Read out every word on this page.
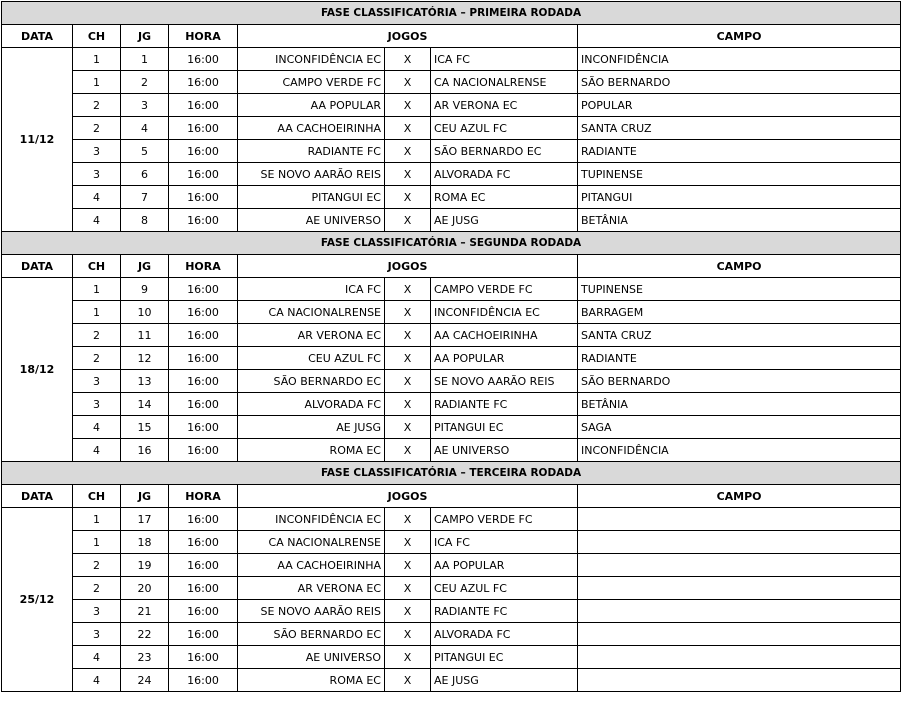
FASE CLASSIFICATÓRIA – PRIMEIRA RODADA							
DATA	CH	JG	HORA	JOGOS			CAMPO
11/12	1	1	16:00	INCONFIDÊNCIA EC	X	ICA FC	INCONFIDÊNCIA
	1	2	16:00	CAMPO VERDE FC	X	CA NACIONALRENSE	SÃO BERNARDO
	2	3	16:00	AA POPULAR	X	AR VERONA EC	POPULAR
	2	4	16:00	AA CACHOEIRINHA	X	CEU AZUL FC	SANTA CRUZ
	3	5	16:00	RADIANTE FC	X	SÃO BERNARDO EC	RADIANTE
	3	6	16:00	SE NOVO AARÃO REIS	X	ALVORADA FC	TUPINENSE
	4	7	16:00	PITANGUI EC	X	ROMA EC	PITANGUI
	4	8	16:00	AE UNIVERSO	X	AE JUSG	BETÂNIA
FASE CLASSIFICATÓRIA – SEGUNDA RODADA							
DATA	CH	JG	HORA	JOGOS			CAMPO
18/12	1	9	16:00	ICA FC	X	CAMPO VERDE FC	TUPINENSE
	1	10	16:00	CA NACIONALRENSE	X	INCONFIDÊNCIA EC	BARRAGEM
	2	11	16:00	AR VERONA EC	X	AA CACHOEIRINHA	SANTA CRUZ
	2	12	16:00	CEU AZUL FC	X	AA POPULAR	RADIANTE
	3	13	16:00	SÃO BERNARDO EC	X	SE NOVO AARÃO REIS	SÃO BERNARDO
	3	14	16:00	ALVORADA FC	X	RADIANTE FC	BETÂNIA
	4	15	16:00	AE JUSG	X	PITANGUI EC	SAGA
	4	16	16:00	ROMA EC	X	AE UNIVERSO	INCONFIDÊNCIA
FASE CLASSIFICATÓRIA – TERCEIRA RODADA							
DATA	CH	JG	HORA	JOGOS			CAMPO
25/12	1	17	16:00	INCONFIDÊNCIA EC	X	CAMPO VERDE FC	
	1	18	16:00	CA NACIONALRENSE	X	ICA FC	
	2	19	16:00	AA CACHOEIRINHA	X	AA POPULAR	
	2	20	16:00	AR VERONA EC	X	CEU AZUL FC	
	3	21	16:00	SE NOVO AARÃO REIS	X	RADIANTE FC	
	3	22	16:00	SÃO BERNARDO EC	X	ALVORADA FC	
	4	23	16:00	AE UNIVERSO	X	PITANGUI EC	
	4	24	16:00	ROMA EC	X	AE JUSG	
